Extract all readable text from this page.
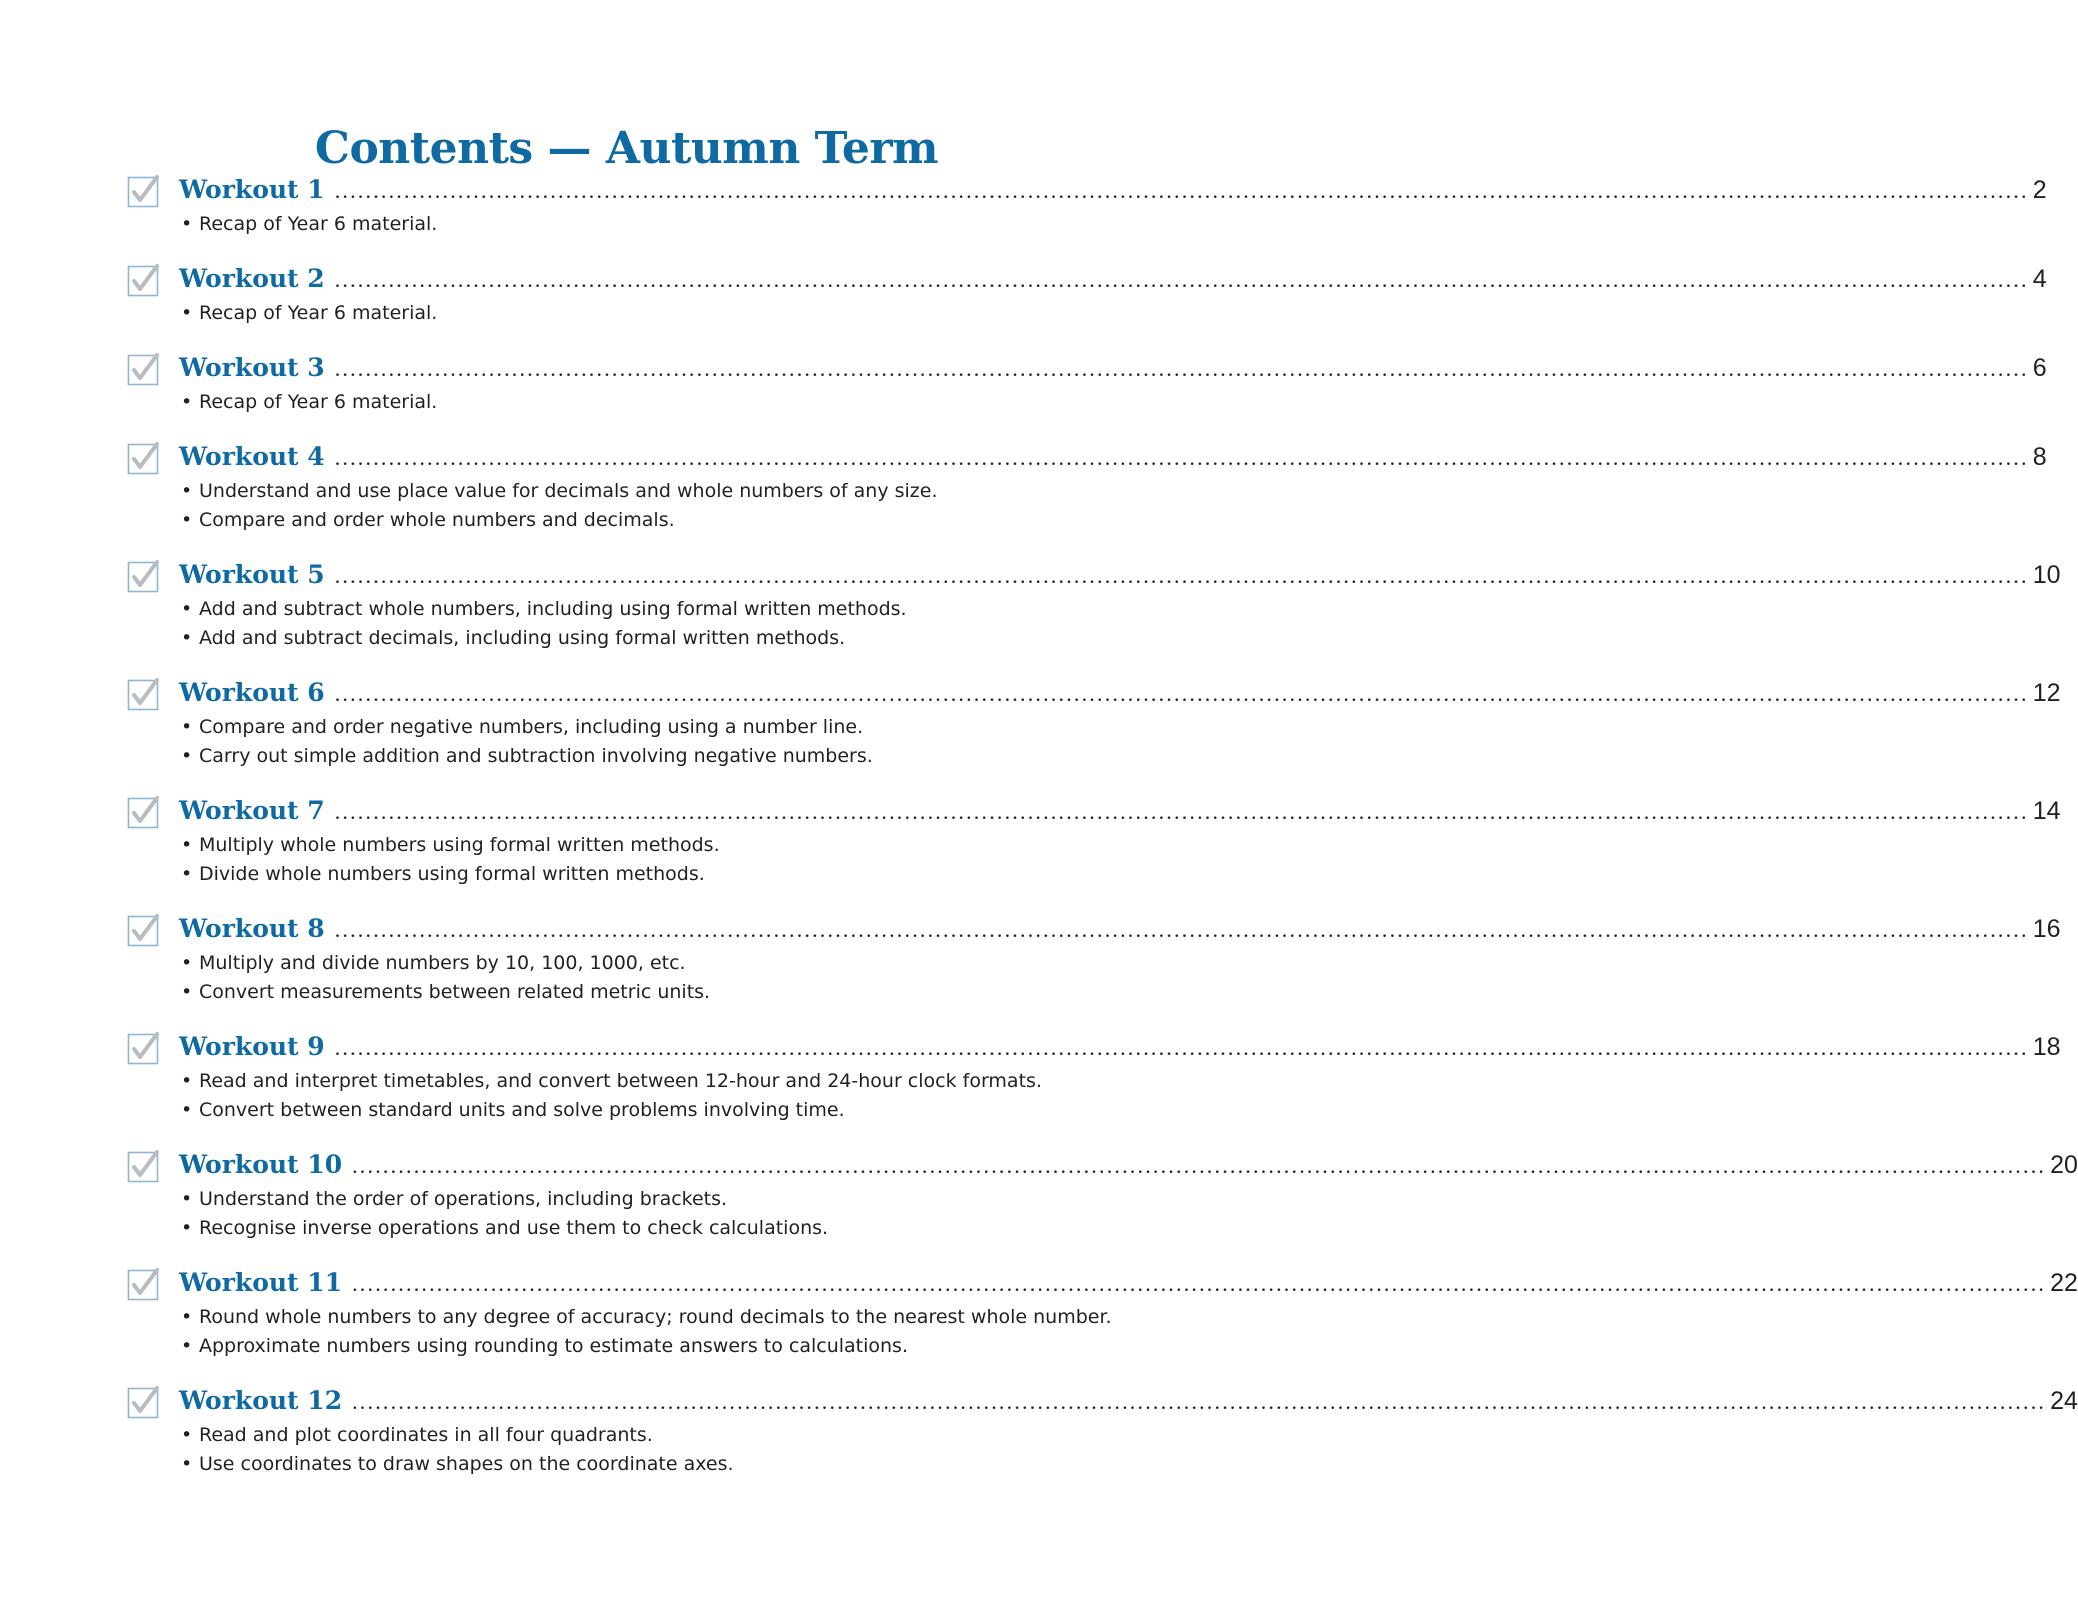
Contents — Autumn Term
Workout 1 ............................................................................................................................................................................................................................ 2
• Recap of Year 6 material.
Workout 2 ............................................................................................................................................................................................................................ 4
• Recap of Year 6 material.
Workout 3 ............................................................................................................................................................................................................................ 6
• Recap of Year 6 material.
Workout 4 ............................................................................................................................................................................................................................ 8
• Understand and use place value for decimals and whole numbers of any size.
• Compare and order whole numbers and decimals.
Workout 5 ............................................................................................................................................................................................................................ 10
• Add and subtract whole numbers, including using formal written methods.
• Add and subtract decimals, including using formal written methods.
Workout 6 ............................................................................................................................................................................................................................ 12
• Compare and order negative numbers, including using a number line.
• Carry out simple addition and subtraction involving negative numbers.
Workout 7 ............................................................................................................................................................................................................................ 14
• Multiply whole numbers using formal written methods.
• Divide whole numbers using formal written methods.
Workout 8 ............................................................................................................................................................................................................................ 16
• Multiply and divide numbers by 10, 100, 1000, etc.
• Convert measurements between related metric units.
Workout 9 ............................................................................................................................................................................................................................ 18
• Read and interpret timetables, and convert between 12-hour and 24-hour clock formats.
• Convert between standard units and solve problems involving time.
Workout 10 ............................................................................................................................................................................................................................ 20
• Understand the order of operations, including brackets.
• Recognise inverse operations and use them to check calculations.
Workout 11 ............................................................................................................................................................................................................................ 22
• Round whole numbers to any degree of accuracy; round decimals to the nearest whole number.
• Approximate numbers using rounding to estimate answers to calculations.
Workout 12 ............................................................................................................................................................................................................................ 24
• Read and plot coordinates in all four quadrants.
• Use coordinates to draw shapes on the coordinate axes.
